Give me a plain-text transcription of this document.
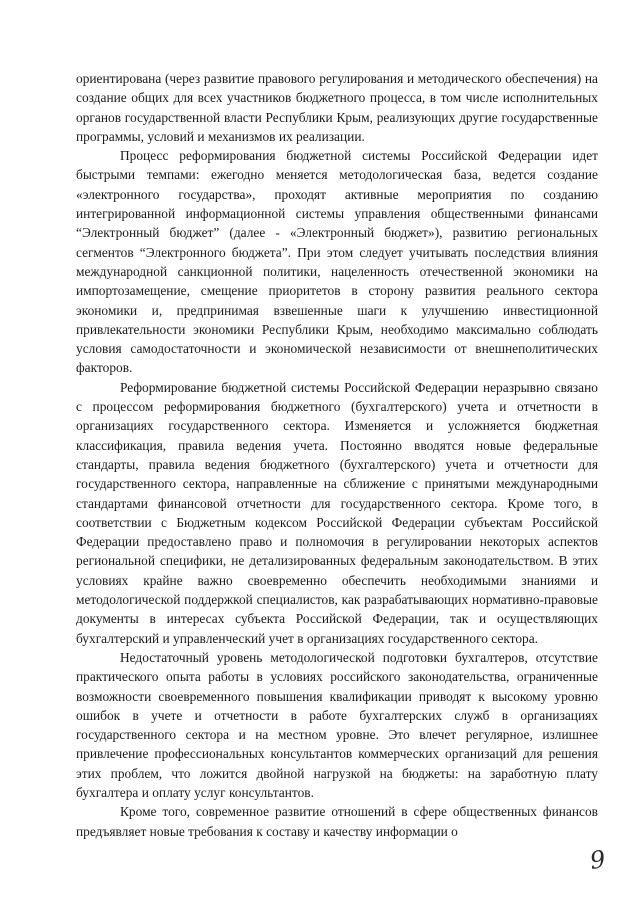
ориентирована (через развитие правового регулирования и методического обеспечения) на создание общих для всех участников бюджетного процесса, в том числе исполнительных органов государственной власти Республики Крым, реализующих другие государственные программы, условий и механизмов их реализации.

Процесс реформирования бюджетной системы Российской Федерации идет быстрыми темпами: ежегодно меняется методологическая база, ведется создание «электронного государства», проходят активные мероприятия по созданию интегрированной информационной системы управления общественными финансами “Электронный бюджет” (далее - «Электронный бюджет»), развитию региональных сегментов “Электронного бюджета”. При этом следует учитывать последствия влияния международной санкционной политики, нацеленность отечественной экономики на импортозамещение, смещение приоритетов в сторону развития реального сектора экономики и, предпринимая взвешенные шаги к улучшению инвестиционной привлекательности экономики Республики Крым, необходимо максимально соблюдать условия самодостаточности и экономической независимости от внешнеполитических факторов.

Реформирование бюджетной системы Российской Федерации неразрывно связано с процессом реформирования бюджетного (бухгалтерского) учета и отчетности в организациях государственного сектора. Изменяется и усложняется бюджетная классификация, правила ведения учета. Постоянно вводятся новые федеральные стандарты, правила ведения бюджетного (бухгалтерского) учета и отчетности для государственного сектора, направленные на сближение с принятыми международными стандартами финансовой отчетности для государственного сектора. Кроме того, в соответствии с Бюджетным кодексом Российской Федерации субъектам Российской Федерации предоставлено право и полномочия в регулировании некоторых аспектов региональной специфики, не детализированных федеральным законодательством. В этих условиях крайне важно своевременно обеспечить необходимыми знаниями и методологической поддержкой специалистов, как разрабатывающих нормативно-правовые документы в интересах субъекта Российской Федерации, так и осуществляющих бухгалтерский и управленческий учет в организациях государственного сектора.

Недостаточный уровень методологической подготовки бухгалтеров, отсутствие практического опыта работы в условиях российского законодательства, ограниченные возможности своевременного повышения квалификации приводят к высокому уровню ошибок в учете и отчетности в работе бухгалтерских служб в организациях государственного сектора и на местном уровне. Это влечет регулярное, излишнее привлечение профессиональных консультантов коммерческих организаций для решения этих проблем, что ложится двойной нагрузкой на бюджеты: на заработную плату бухгалтера и оплату услуг консультантов.

Кроме того, современное развитие отношений в сфере общественных финансов предъявляет новые требования к составу и качеству информации о

9
